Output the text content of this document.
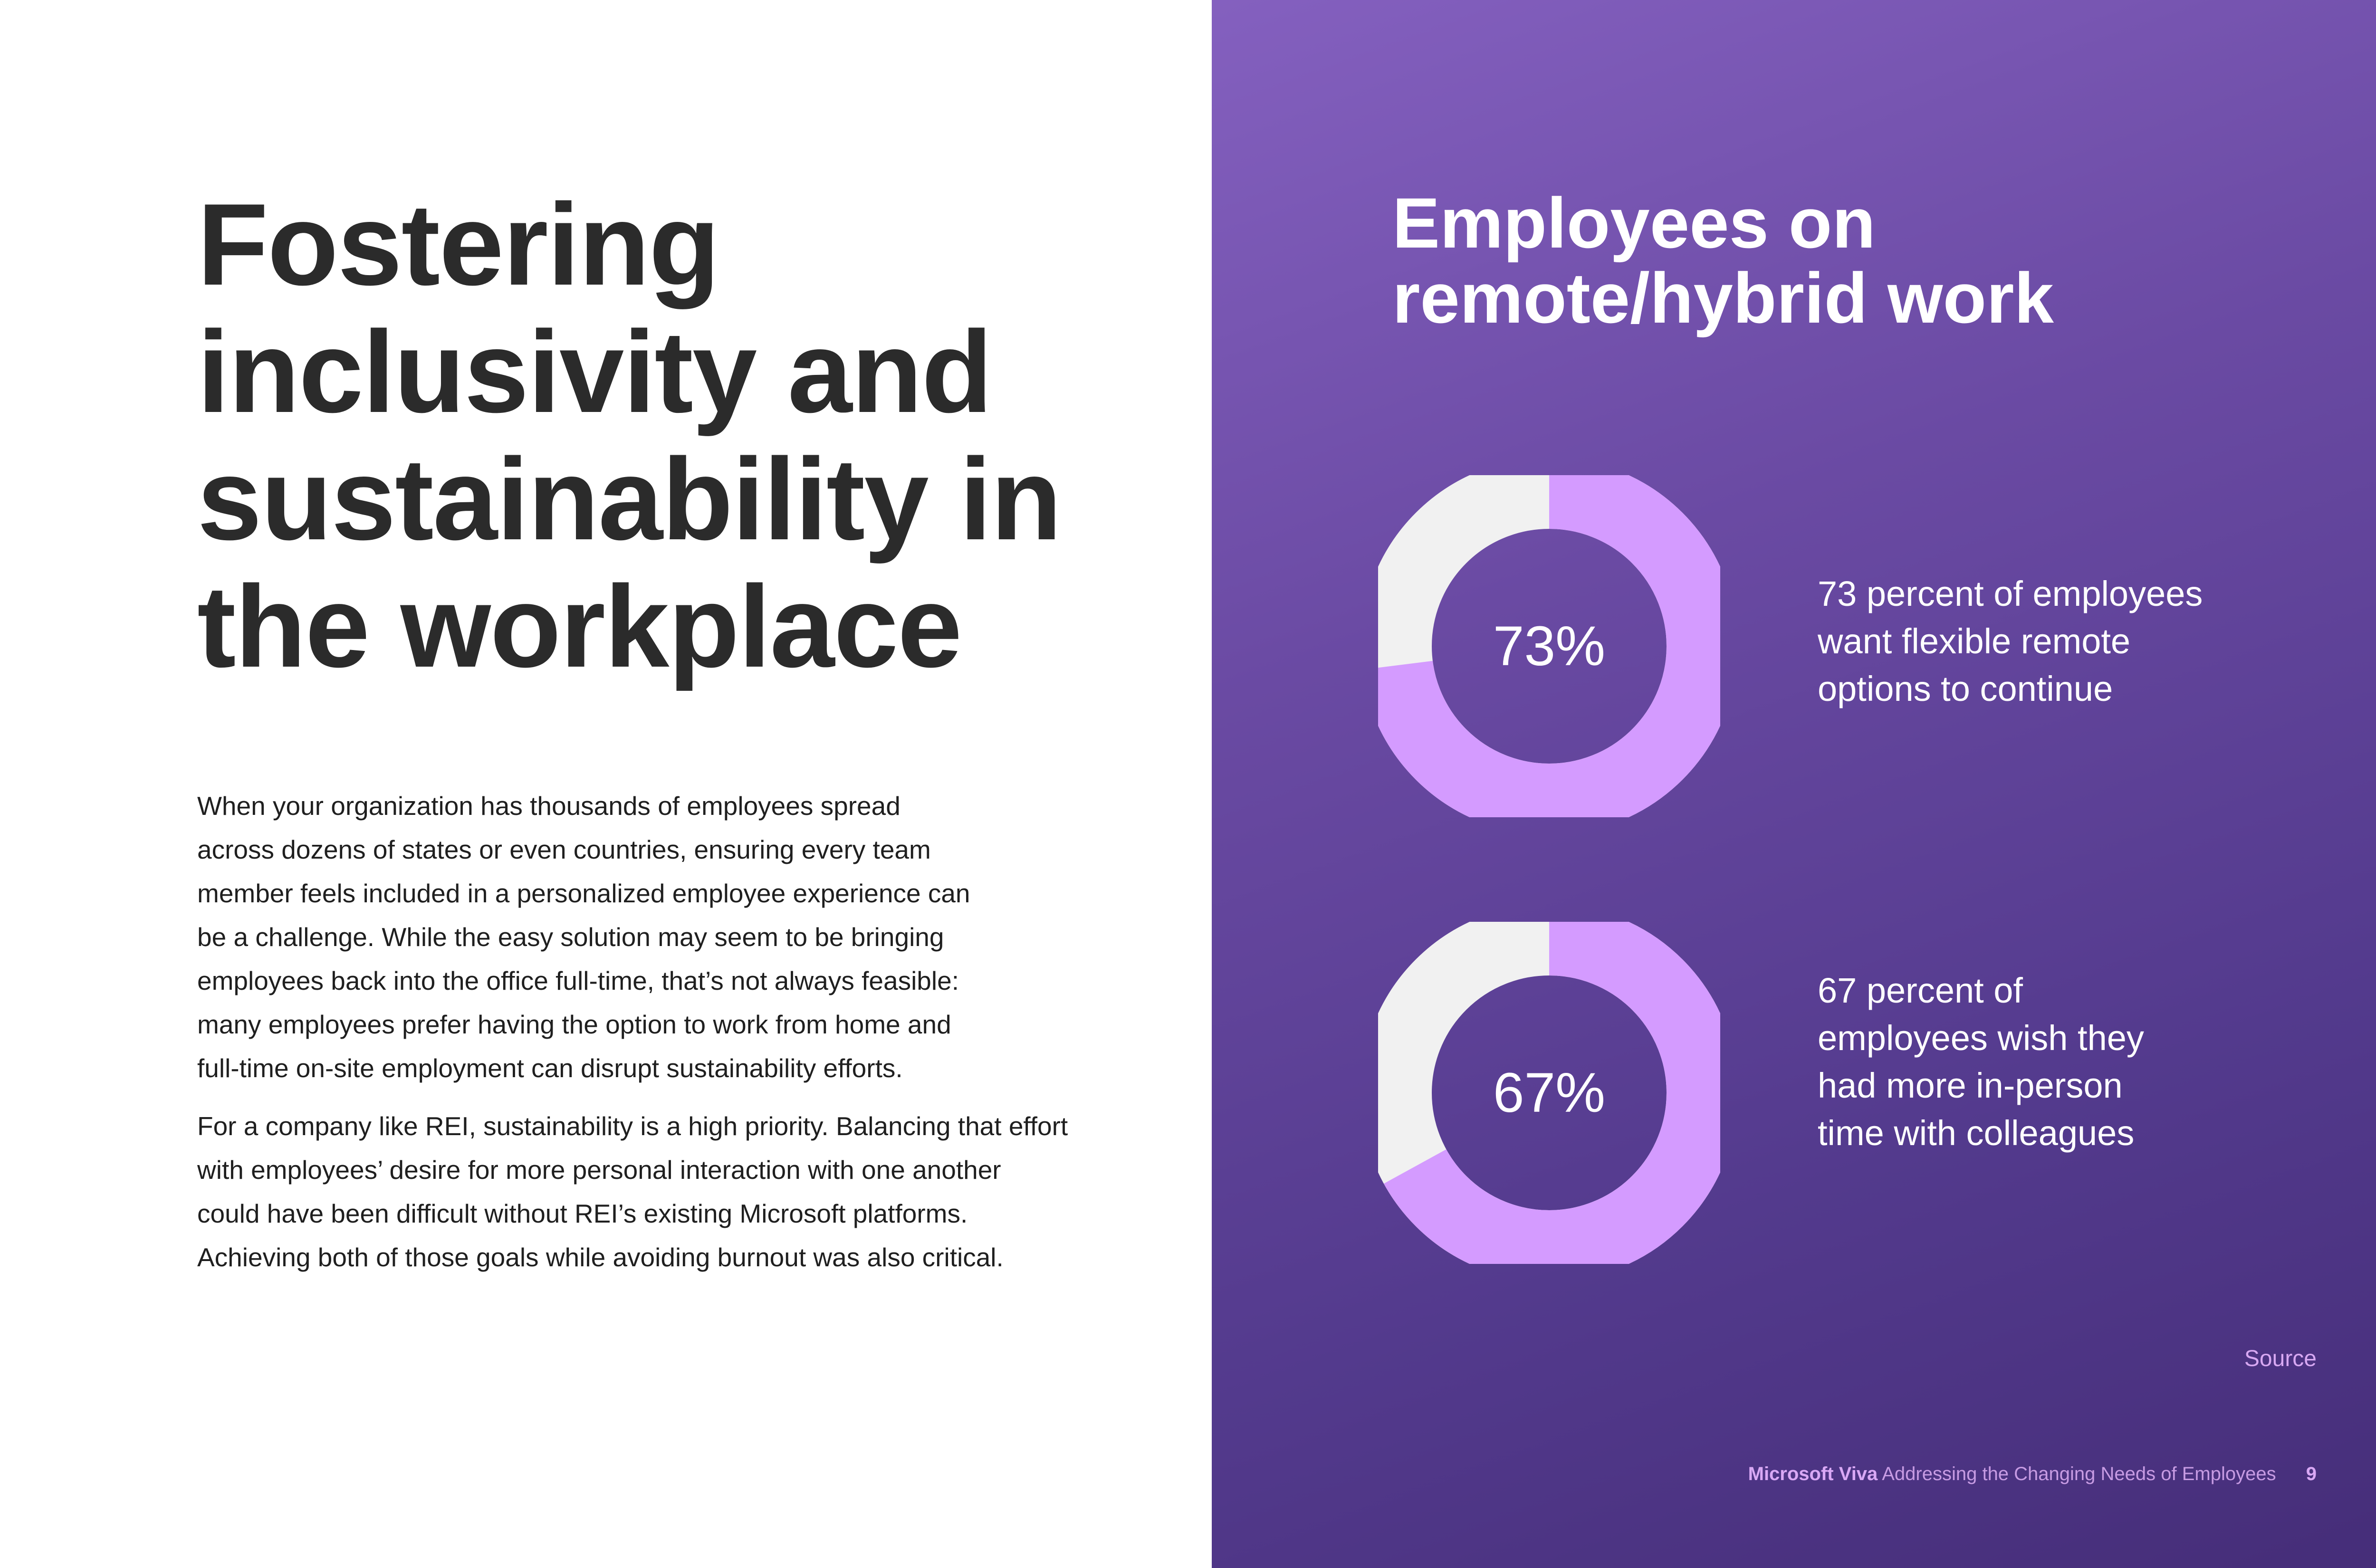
Fostering
inclusivity and
sustainability in
the workplace

When your organization has thousands of employees spread
across dozens of states or even countries, ensuring every team
member feels included in a personalized employee experience can
be a challenge. While the easy solution may seem to be bringing
employees back into the office full-time, that’s not always feasible:
many employees prefer having the option to work from home and
full-time on-site employment can disrupt sustainability efforts.

For a company like REI, sustainability is a high priority. Balancing that effort
with employees’ desire for more personal interaction with one another
could have been difficult without REI’s existing Microsoft platforms.
Achieving both of those goals while avoiding burnout was also critical.

Employees on
remote/hybrid work
73%
73 percent of employees
want flexible remote
options to continue
67%
67 percent of
employees wish they
had more in-person
time with colleagues
Source
Microsoft Viva Addressing the Changing Needs of Employees 9
